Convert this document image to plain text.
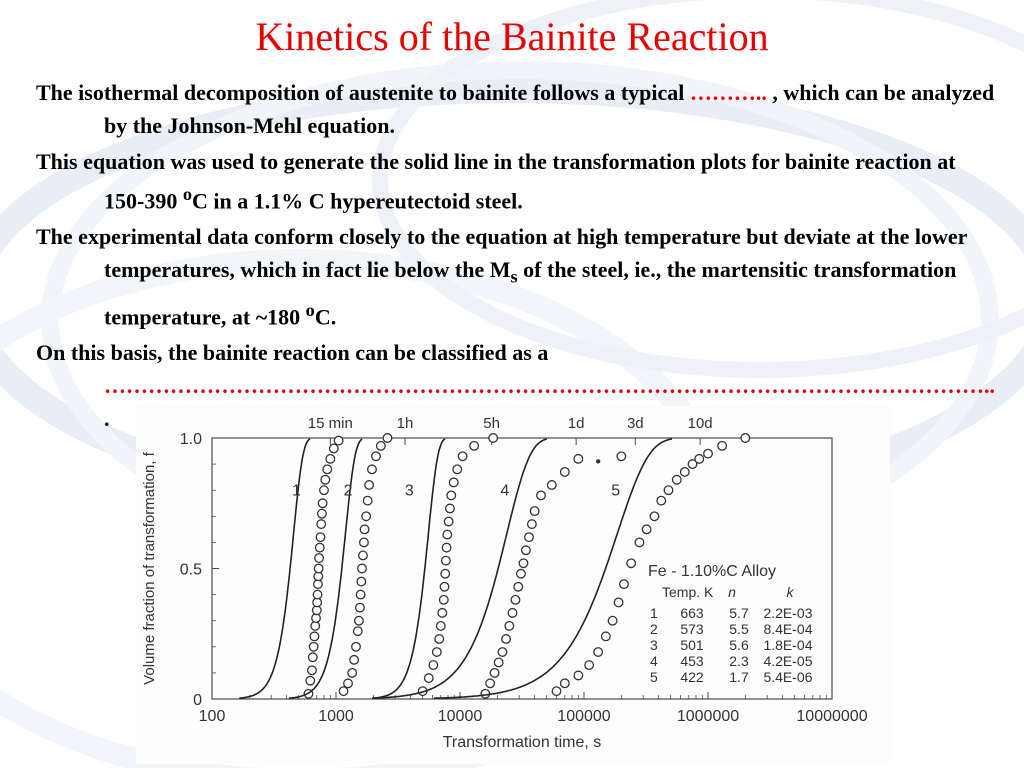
Kinetics of the Bainite Reaction

The isothermal decomposition of austenite to bainite follows a typical ……….. , which can be analyzed by the Johnson-Mehl equation.

This equation was used to generate the solid line in the transformation plots for bainite reaction at 150-390 $^o$C in a 1.1% C hypereutectoid steel.

The experimental data conform closely to the equation at high temperature but deviate at the lower temperatures, which in fact lie below the $M_s$ of the steel, ie., the martensitic transformation temperature, at ~180 $^o$C.

On this basis, the bainite reaction can be classified as a ………………………………………………………………………………………………………….. .

100	1000	10000	100000	1000000	10000000
0
0.5
1.0
15 min	1h	5h	1d	3d	10d
Transformation time, s
Volume fraction of transformation, f	1	2	3	4	5
•
Fe - 1.10%C Alloy
Temp. K n	k
1 663 5.7 2.2E-03
2 573 5.5 8.4E-04
3 501 5.6 1.8E-04
4 453 2.3 4.2E-05
5 422 1.7 5.4E-06
